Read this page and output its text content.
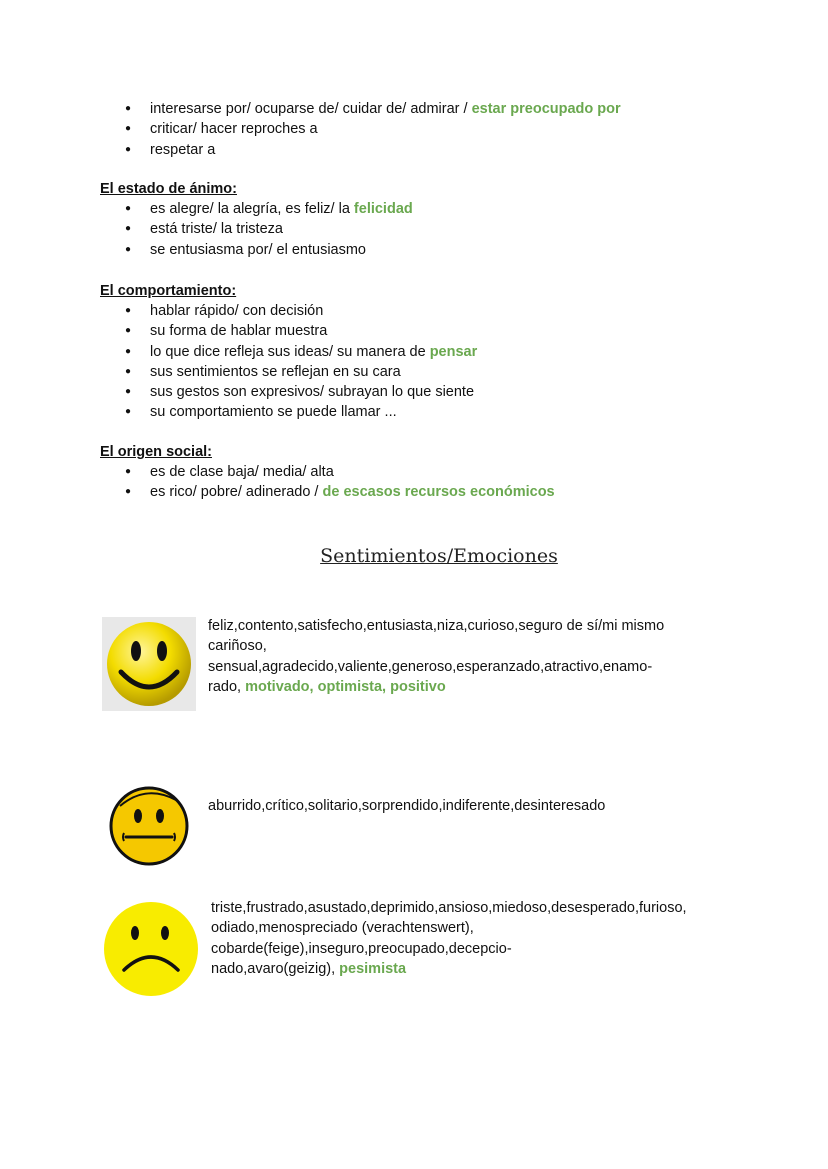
● interesarse por/ ocuparse de/ cuidar de/ admirar / estar preocupado por
● criticar/ hacer reproches a
● respetar a
El estado de ánimo:
● es alegre/ la alegría, es feliz/ la felicidad
● está triste/ la tristeza
● se entusiasma por/ el entusiasmo
El comportamiento:
● hablar rápido/ con decisión
● su forma de hablar muestra
● lo que dice refleja sus ideas/ su manera de pensar
● sus sentimientos se reflejan en su cara
● sus gestos son expresivos/ subrayan lo que siente
● su comportamiento se puede llamar ...
El origen social:
● es de clase baja/ media/ alta
● es rico/ pobre/ adinerado / de escasos recursos económicos
Sentimientos/Emociones
feliz,contento,satisfecho,entusiasta,niza,curioso,seguro de sí/mi mismo
cariñoso,
sensual,agradecido,valiente,generoso,esperanzado,atractivo,enamo-
rado, motivado, optimista, positivo
aburrido,crítico,solitario,sorprendido,indiferente,desinteresado
triste,frustrado,asustado,deprimido,ansioso,miedoso,desesperado,furioso,
odiado,menospreciado (verachtenswert),
cobarde(feige),inseguro,preocupado,decepcio-
nado,avaro(geizig), pesimista
